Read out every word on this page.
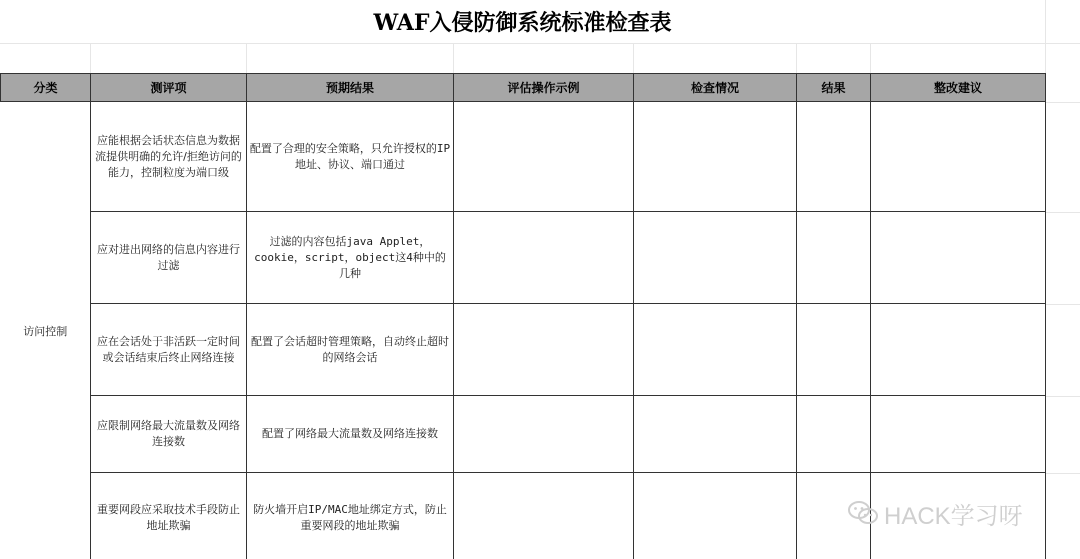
WAF入侵防御系统标准检查表
分类	测评项	预期结果	评估操作示例	检查情况	结果	整改建议
访问控制	应能根据会话状态信息为数据流提供明确的允许/拒绝访问的能力，控制粒度为端口级	配置了合理的安全策略，只允许授权的IP地址、协议、端口通过				
	应对进出网络的信息内容进行过滤	过滤的内容包括java Applet，cookie，script，object这4种中的几种				
	应在会话处于非活跃一定时间或会话结束后终止网络连接	配置了会话超时管理策略，自动终止超时的网络会话				
	应限制网络最大流量数及网络连接数	配置了网络最大流量数及网络连接数				
	重要网段应采取技术手段防止地址欺骗	防火墙开启IP/MAC地址绑定方式，防止重要网段的地址欺骗					HACK学习呀
